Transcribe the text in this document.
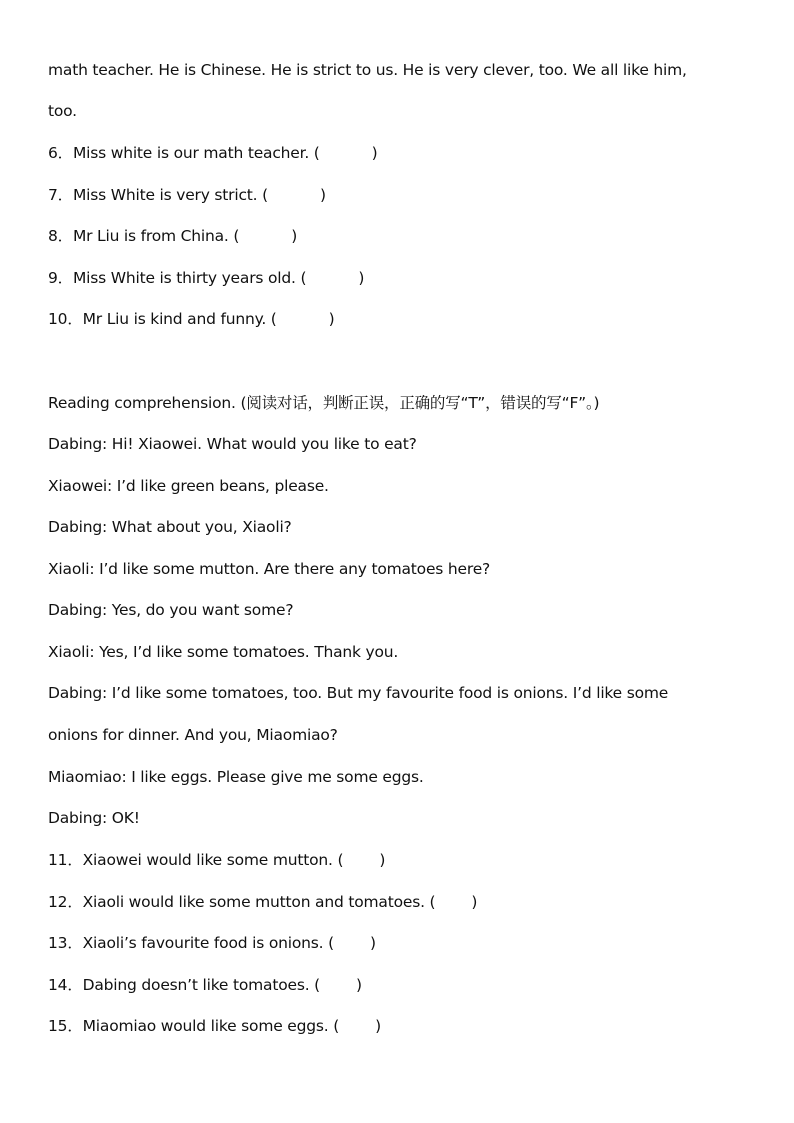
math teacher. He is Chinese. He is strict to us. He is very clever, too. We all like him,
too.
6．Miss white is our math teacher. (	)
7．Miss White is very strict. (	)
8．Mr Liu is from China. (	)
9．Miss White is thirty years old. (	)
10．Mr Liu is kind and funny. (	)
Reading comprehension. (阅读对话，判断正误，正确的写“T”，错误的写“F”。)
Dabing: Hi! Xiaowei. What would you like to eat?
Xiaowei: I’d like green beans, please.
Dabing: What about you, Xiaoli?
Xiaoli: I’d like some mutton. Are there any tomatoes here?
Dabing: Yes, do you want some?
Xiaoli: Yes, I’d like some tomatoes. Thank you.
Dabing: I’d like some tomatoes, too. But my favourite food is onions. I’d like some
onions for dinner. And you, Miaomiao?
Miaomiao: I like eggs. Please give me some eggs.
Dabing: OK!
11．Xiaowei would like some mutton. ( )
12．Xiaoli would like some mutton and tomatoes. ( )
13．Xiaoli’s favourite food is onions. ( )
14．Dabing doesn’t like tomatoes. ( )
15．Miaomiao would like some eggs. ( )
